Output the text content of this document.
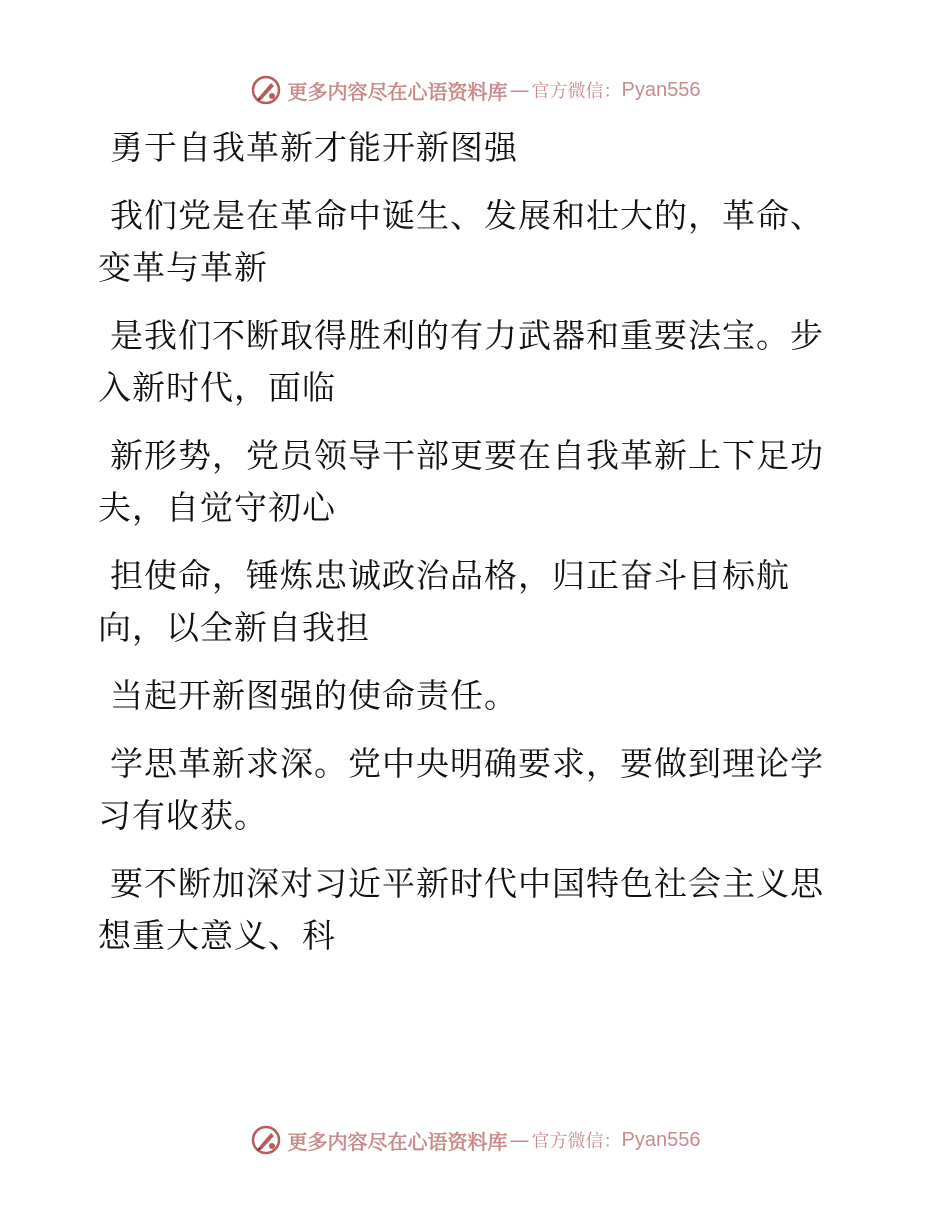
更多内容尽在心语资料库 — 官方微信： Pyan556

勇于自我革新才能开新图强

我们党是在革命中诞生、发展和壮大的，革命、变革与革新

是我们不断取得胜利的有力武器和重要法宝。步入新时代，面临

新形势，党员领导干部更要在自我革新上下足功夫，自觉守初心

担使命，锤炼忠诚政治品格，归正奋斗目标航向，以全新自我担

当起开新图强的使命责任。

学思革新求深。党中央明确要求，要做到理论学习有收获。

要不断加深对习近平新时代中国特色社会主义思想重大意义、科

更多内容尽在心语资料库 — 官方微信： Pyan556
